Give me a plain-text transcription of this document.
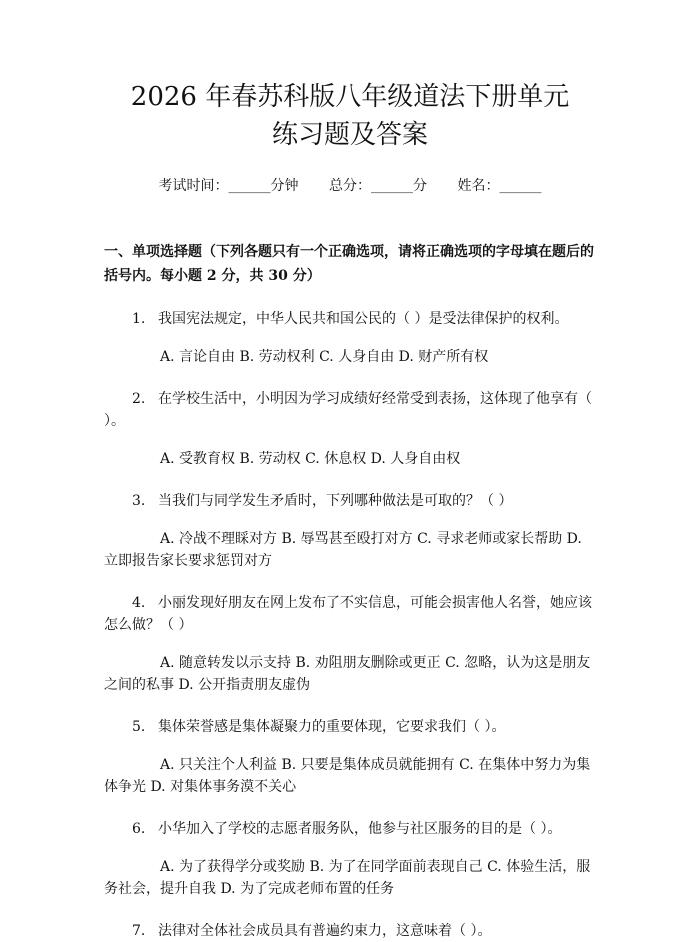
2026 年春苏科版八年级道法下册单元练习题及答案
考试时间：______分钟 总分：______分 姓名：______
一、单项选择题（下列各题只有一个正确选项，请将正确选项的字母填在题后的括号内。每小题 2 分，共 30 分）
1. 我国宪法规定，中华人民共和国公民的（ ）是受法律保护的权利。
A. 言论自由 B. 劳动权利 C. 人身自由 D. 财产所有权
2. 在学校生活中，小明因为学习成绩好经常受到表扬，这体现了他享有（ ）。
A. 受教育权 B. 劳动权 C. 休息权 D. 人身自由权
3. 当我们与同学发生矛盾时，下列哪种做法是可取的？（ ）
A. 冷战不理睬对方 B. 辱骂甚至殴打对方 C. 寻求老师或家长帮助 D. 立即报告家长要求惩罚对方
4. 小丽发现好朋友在网上发布了不实信息，可能会损害他人名誉，她应该怎么做？（ ）
A. 随意转发以示支持 B. 劝阻朋友删除或更正 C. 忽略，认为这是朋友之间的私事 D. 公开指责朋友虚伪
5. 集体荣誉感是集体凝聚力的重要体现，它要求我们（ ）。
A. 只关注个人利益 B. 只要是集体成员就能拥有 C. 在集体中努力为集体争光 D. 对集体事务漠不关心
6. 小华加入了学校的志愿者服务队，他参与社区服务的目的是（ ）。
A. 为了获得学分或奖励 B. 为了在同学面前表现自己 C. 体验生活，服务社会，提升自我 D. 为了完成老师布置的任务
7. 法律对全体社会成员具有普遍约束力，这意味着（ ）。
